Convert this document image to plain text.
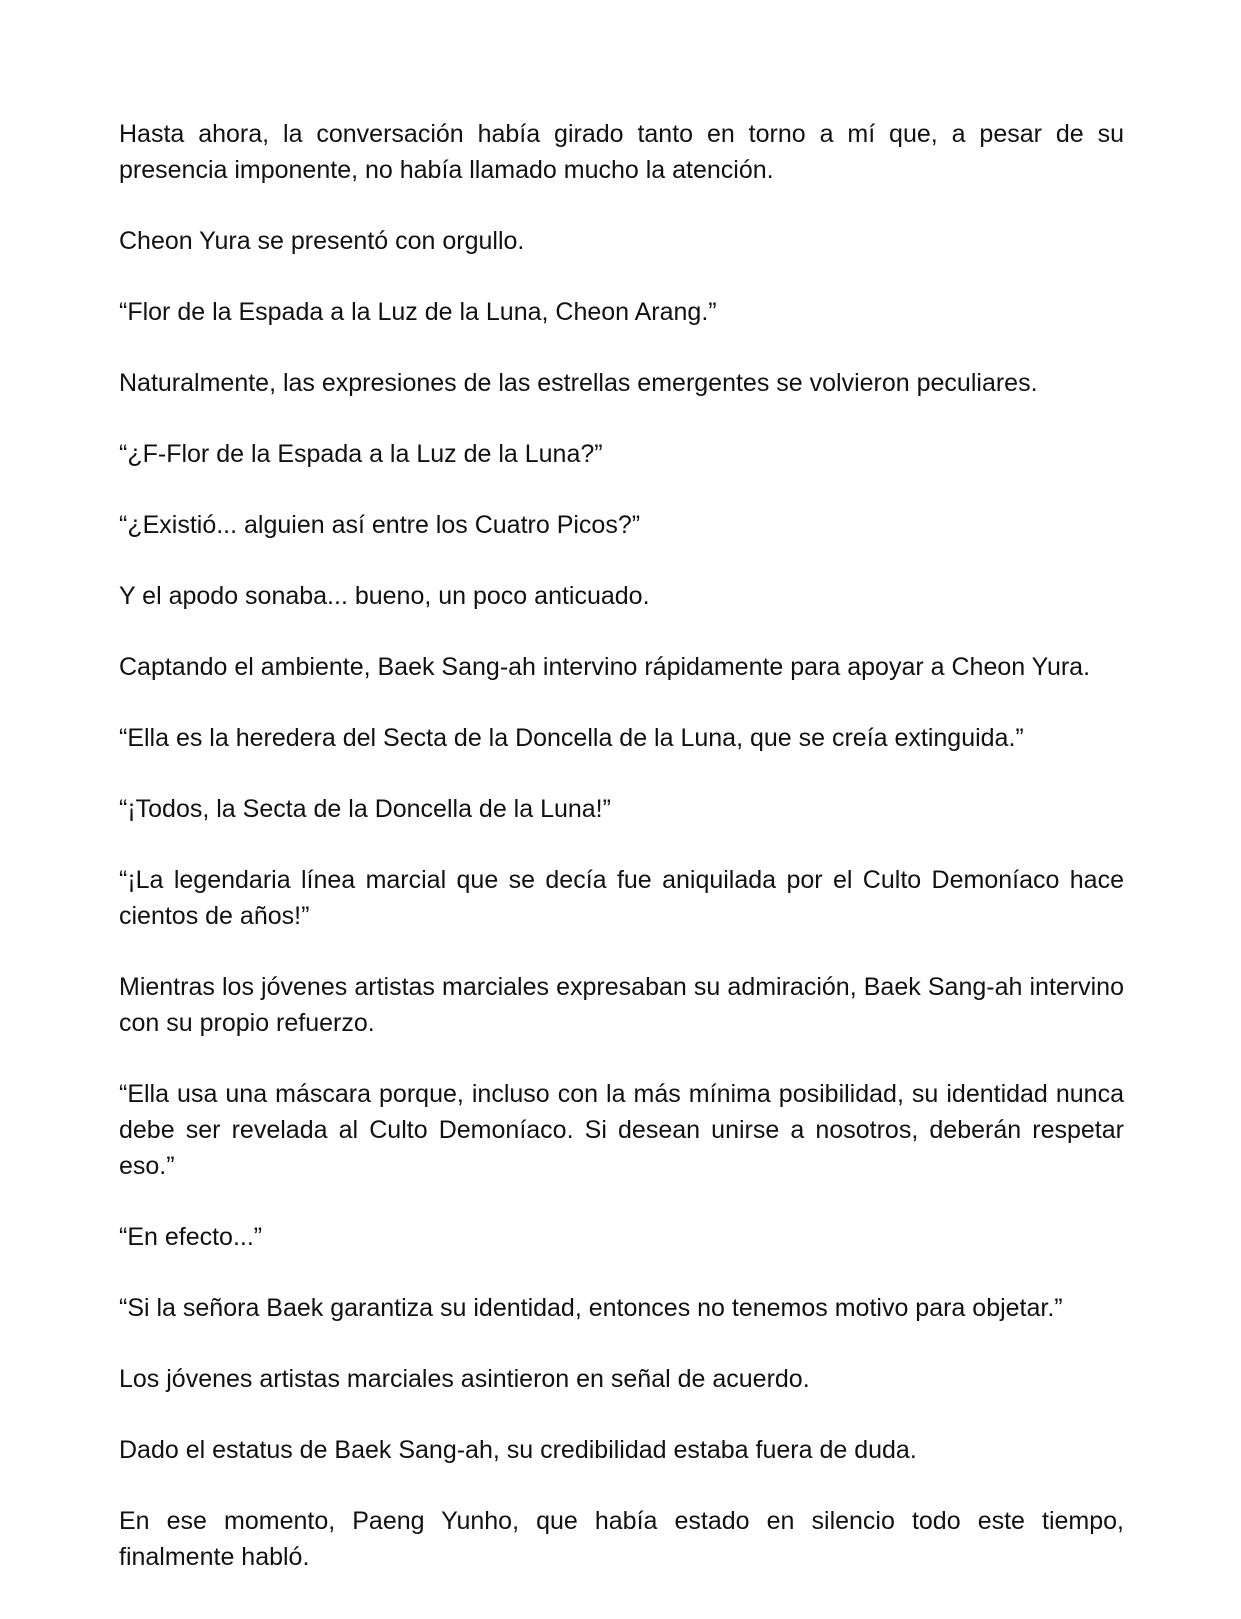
Hasta ahora, la conversación había girado tanto en torno a mí que, a pesar de su presencia imponente, no había llamado mucho la atención.

Cheon Yura se presentó con orgullo.

“Flor de la Espada a la Luz de la Luna, Cheon Arang.”

Naturalmente, las expresiones de las estrellas emergentes se volvieron peculiares.

“¿F-Flor de la Espada a la Luz de la Luna?”

“¿Existió... alguien así entre los Cuatro Picos?”

Y el apodo sonaba... bueno, un poco anticuado.

Captando el ambiente, Baek Sang-ah intervino rápidamente para apoyar a Cheon Yura.

“Ella es la heredera del Secta de la Doncella de la Luna, que se creía extinguida.”

“¡Todos, la Secta de la Doncella de la Luna!”

“¡La legendaria línea marcial que se decía fue aniquilada por el Culto Demoníaco hace cientos de años!”

Mientras los jóvenes artistas marciales expresaban su admiración, Baek Sang-ah intervino con su propio refuerzo.

“Ella usa una máscara porque, incluso con la más mínima posibilidad, su identidad nunca debe ser revelada al Culto Demoníaco. Si desean unirse a nosotros, deberán respetar eso.”

“En efecto...”

“Si la señora Baek garantiza su identidad, entonces no tenemos motivo para objetar.”

Los jóvenes artistas marciales asintieron en señal de acuerdo.

Dado el estatus de Baek Sang-ah, su credibilidad estaba fuera de duda.

En ese momento, Paeng Yunho, que había estado en silencio todo este tiempo, finalmente habló.
